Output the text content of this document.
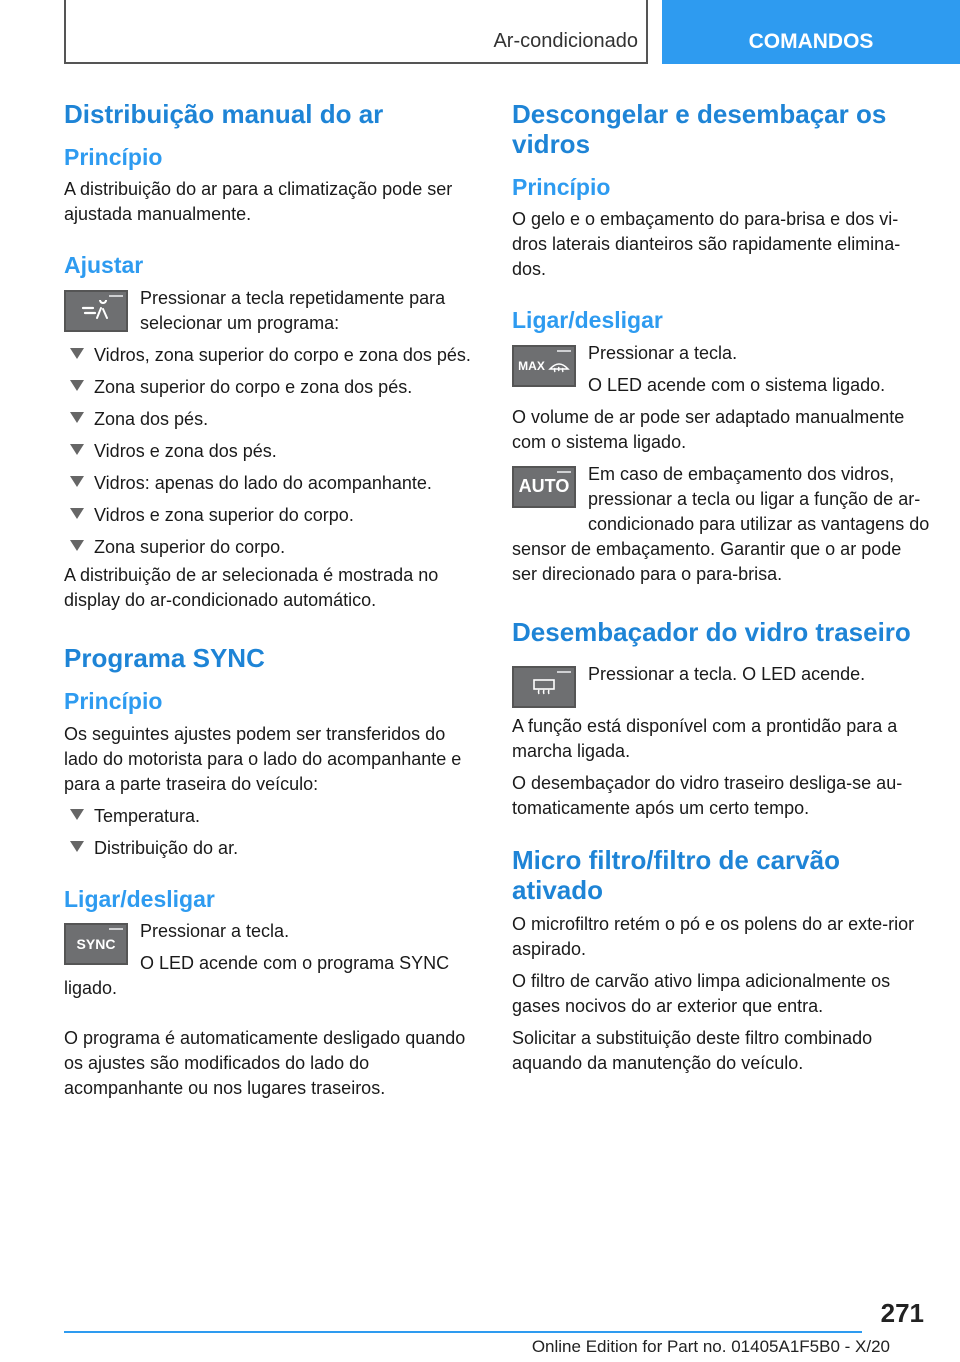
Ar-condicionado	COMANDOS
Distribuição manual do ar
Princípio

A distribuição do ar para a climatização pode ser ajustada manualmente.

Ajustar

Pressionar a tecla repetidamente para selecionar um programa:

Vidros, zona superior do corpo e zona dos pés.
Zona superior do corpo e zona dos pés.
Zona dos pés.
Vidros e zona dos pés.
Vidros: apenas do lado do acompanhante.
Vidros e zona superior do corpo.
Zona superior do corpo.

A distribuição de ar selecionada é mostrada no display do ar-condicionado automático.

Programa SYNC
Princípio

Os seguintes ajustes podem ser transferidos do lado do motorista para o lado do acompanhante e para a parte traseira do veículo:

Temperatura.
Distribuição do ar.
Ligar/desligar
SYNC

Pressionar a tecla.

O LED acende com o programa SYNC ligado.

O programa é automaticamente desligado quando os ajustes são modificados do lado do acompanhante ou nos lugares traseiros.

Descongelar e desembaçar os vidros
Princípio

O gelo e o embaçamento do para-brisa e dos vi-dros laterais dianteiros são rapidamente elimina-dos.

Ligar/desligar
MAX

Pressionar a tecla.

O LED acende com o sistema ligado.

O volume de ar pode ser adaptado manualmente com o sistema ligado.

AUTO

Em caso de embaçamento dos vidros, pressionar a tecla ou ligar a função de ar-condicionado para utilizar as vantagens do sensor de embaçamento. Garantir que o ar pode ser direcionado para o para-brisa.

Desembaçador do vidro traseiro

Pressionar a tecla. O LED acende.

A função está disponível com a prontidão para a marcha ligada.

O desembaçador do vidro traseiro desliga-se au-tomaticamente após um certo tempo.

Micro filtro/filtro de carvão ativado

O microfiltro retém o pó e os polens do ar exte-rior aspirado.

O filtro de carvão ativo limpa adicionalmente os gases nocivos do ar exterior que entra.

Solicitar a substituição deste filtro combinado aquando da manutenção do veículo.

271
Online Edition for Part no. 01405A1F5B0 - X/20
